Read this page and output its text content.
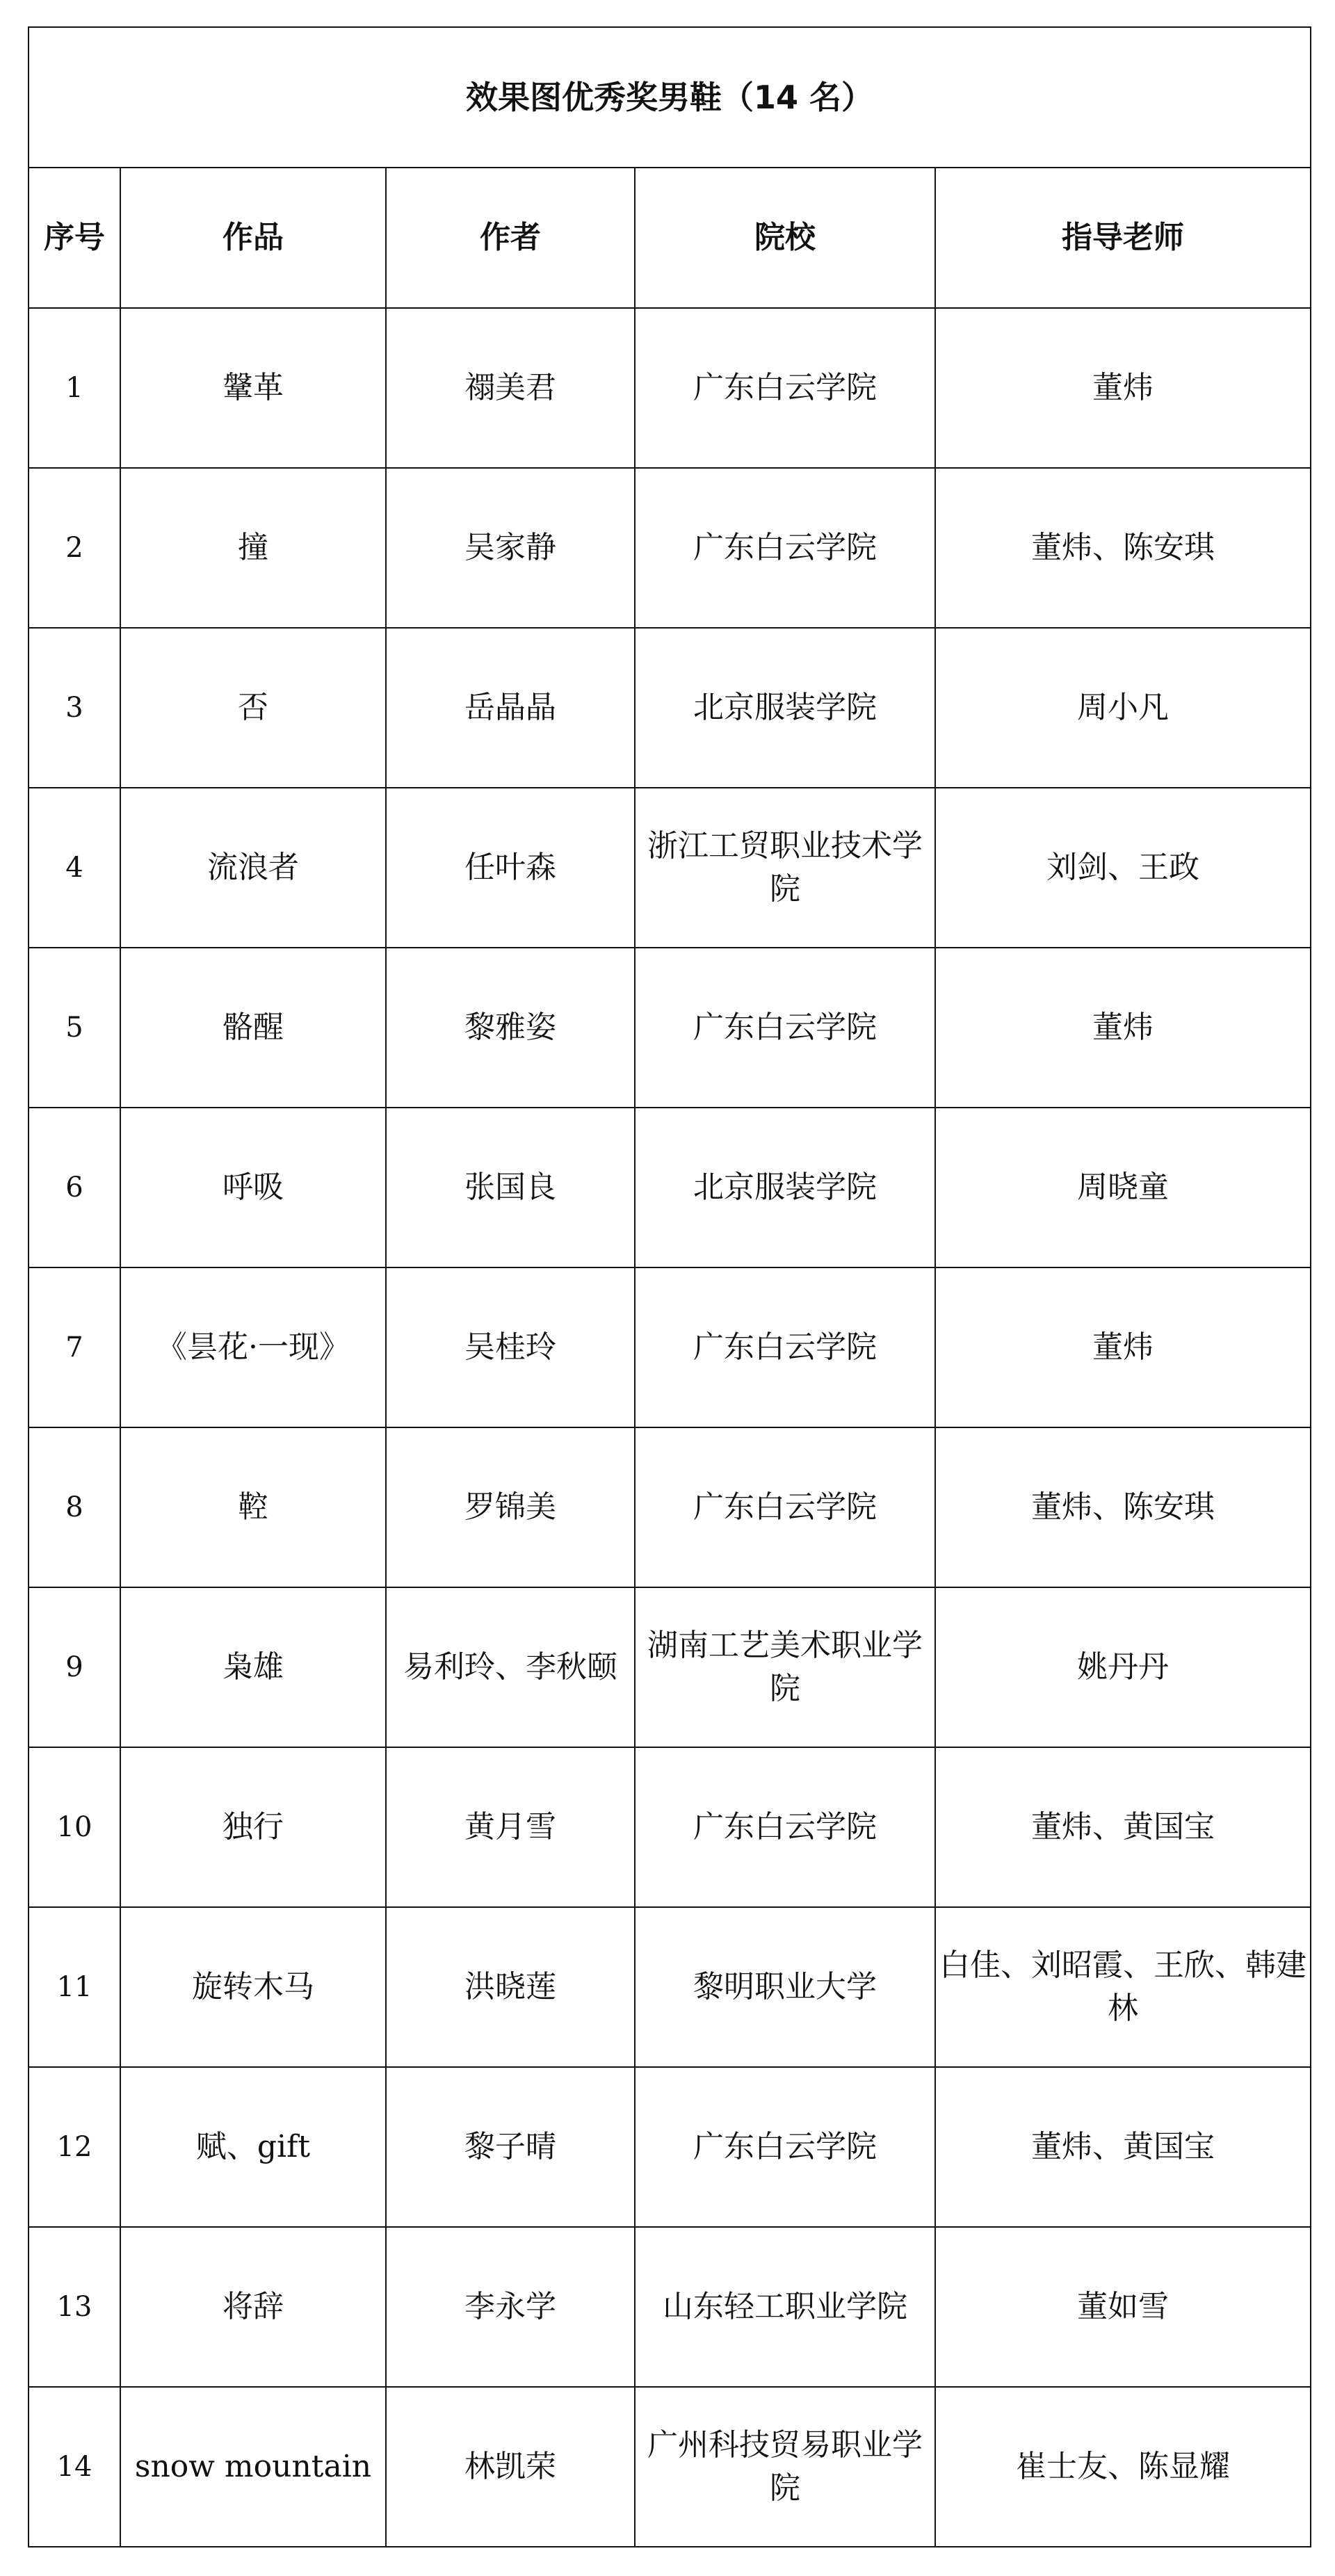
效果图优秀奖男鞋（14 名）				
序号	作品	作者	院校	指导老师
1	鞶革	禤美君	广东白云学院	董炜
2	撞	吴家静	广东白云学院	董炜、陈安琪
3	否	岳晶晶	北京服装学院	周小凡
4	流浪者	任叶森	浙江工贸职业技术学院	刘剑、王政
5	骼醒	黎雅姿	广东白云学院	董炜
6	呼吸	张国良	北京服装学院	周晓童
7	《昙花·一现》	吴桂玲	广东白云学院	董炜
8	鞚	罗锦美	广东白云学院	董炜、陈安琪
9	枭雄	易利玲、李秋颐	湖南工艺美术职业学院	姚丹丹
10	独行	黄月雪	广东白云学院	董炜、黄国宝
11	旋转木马	洪晓莲	黎明职业大学	白佳、刘昭霞、王欣、韩建林
12	赋、gift	黎子晴	广东白云学院	董炜、黄国宝
13	将辞	李永学	山东轻工职业学院	董如雪
14	snow mountain	林凯荣	广州科技贸易职业学院	崔士友、陈显耀
